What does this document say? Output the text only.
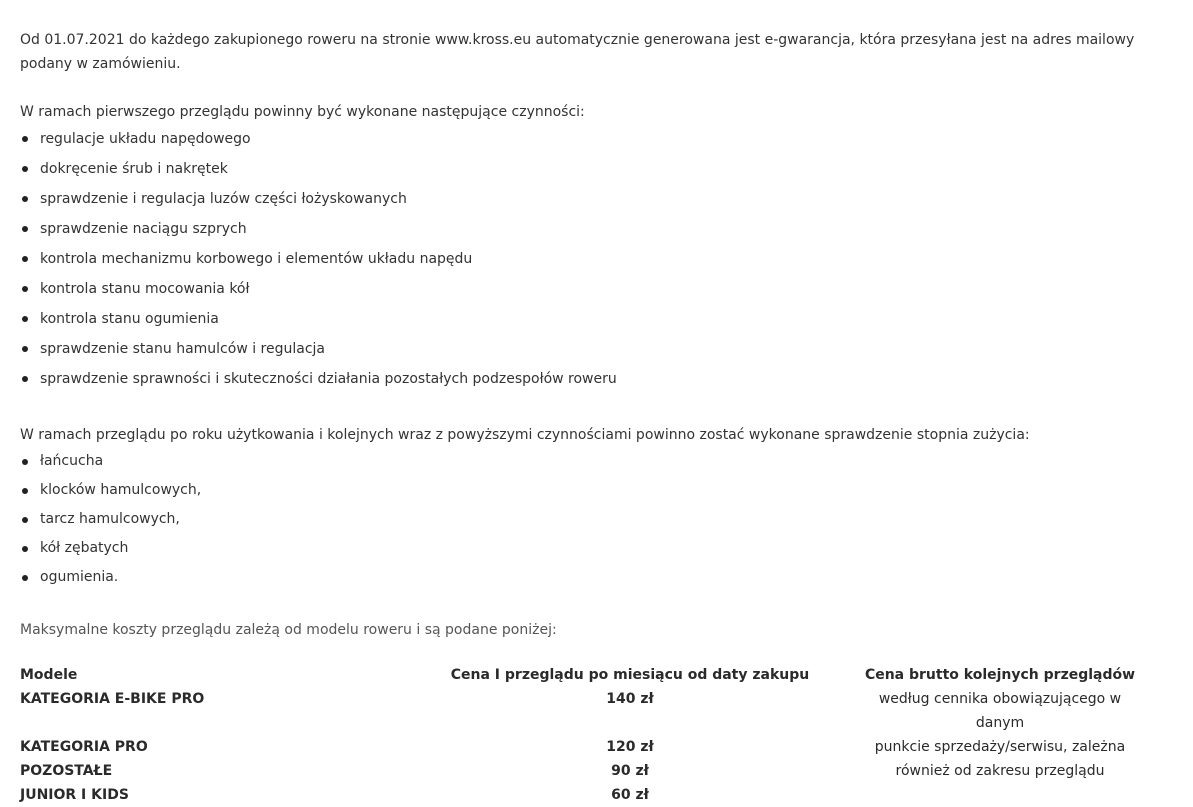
Od 01.07.2021 do każdego zakupionego roweru na stronie www.kross.eu automatycznie generowana jest e-gwarancja, która przesyłana jest na adres mailowy podany w zamówieniu.

W ramach pierwszego przeglądu powinny być wykonane następujące czynności:

regulacje układu napędowego
dokręcenie śrub i nakrętek
sprawdzenie i regulacja luzów części łożyskowanych
sprawdzenie naciągu szprych
kontrola mechanizmu korbowego i elementów układu napędu
kontrola stanu mocowania kół
kontrola stanu ogumienia
sprawdzenie stanu hamulców i regulacja
sprawdzenie sprawności i skuteczności działania pozostałych podzespołów roweru

W ramach przeglądu po roku użytkowania i kolejnych wraz z powyższymi czynnościami powinno zostać wykonane sprawdzenie stopnia zużycia:

łańcucha
klocków hamulcowych,
tarcz hamulcowych,
kół zębatych
ogumienia.

Maksymalne koszty przeglądu zależą od modelu roweru i są podane poniżej:

Modele	Cena I przeglądu po miesiącu od daty zakupu	Cena brutto kolejnych przeglądów
KATEGORIA E-BIKE PRO	140 zł	według cennika obowiązującego w danym
KATEGORIA PRO	120 zł	punkcie sprzedaży/serwisu, zależna
POZOSTAŁE	90 zł	również od zakresu przeglądu
JUNIOR I KIDS	60 zł	
